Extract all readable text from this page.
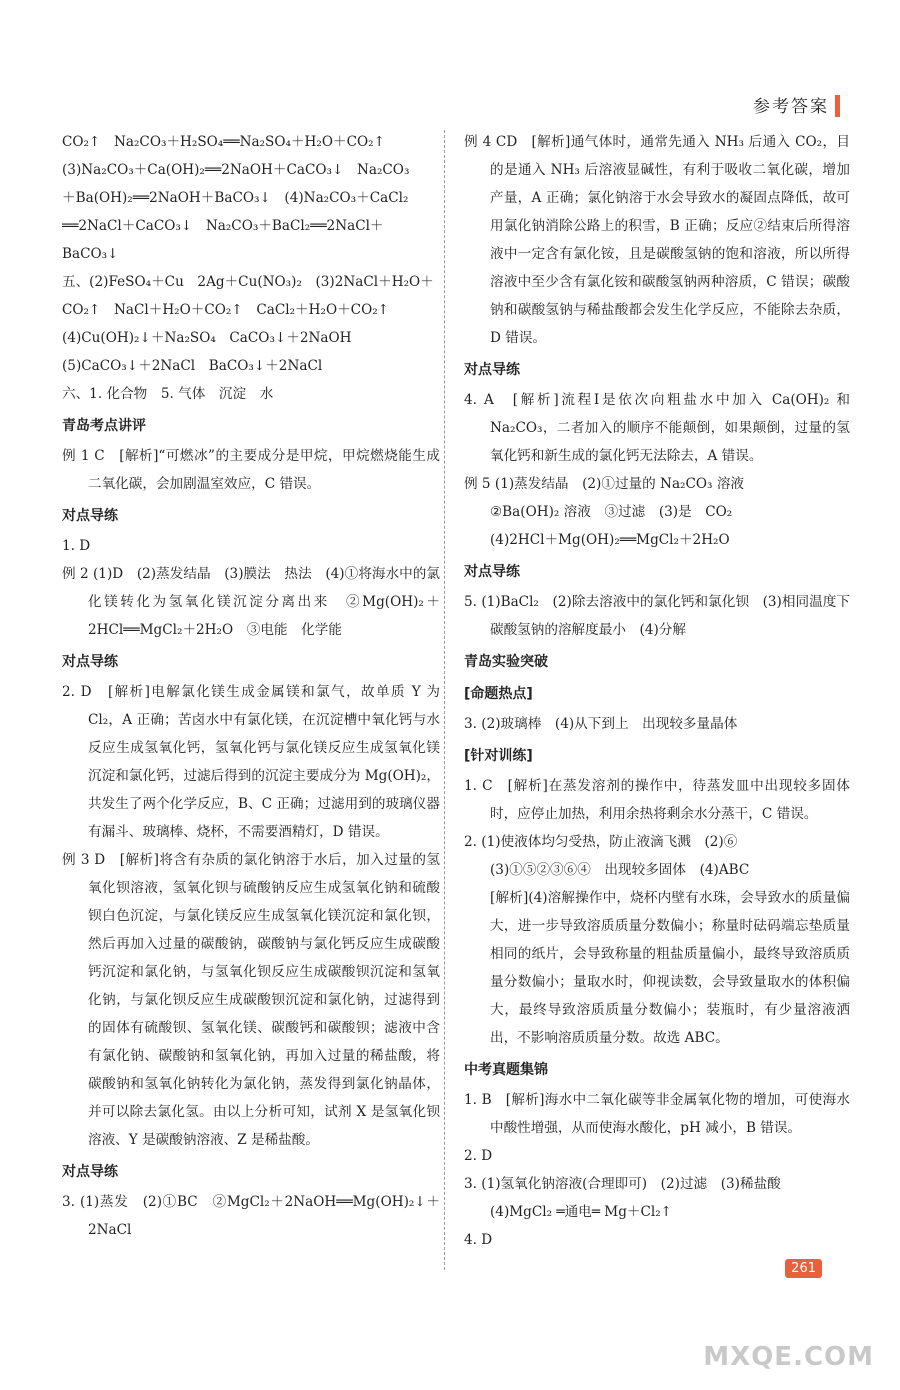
参考答案
CO₂↑　Na₂CO₃＋H₂SO₄══Na₂SO₄＋H₂O＋CO₂↑
(3)Na₂CO₃＋Ca(OH)₂══2NaOH＋CaCO₃↓　Na₂CO₃
＋Ba(OH)₂══2NaOH＋BaCO₃↓　(4)Na₂CO₃＋CaCl₂
══2NaCl＋CaCO₃↓　Na₂CO₃＋BaCl₂══2NaCl＋
BaCO₃↓
五、(2)FeSO₄＋Cu　2Ag＋Cu(NO₃)₂　(3)2NaCl＋H₂O＋
CO₂↑　NaCl＋H₂O＋CO₂↑　CaCl₂＋H₂O＋CO₂↑
(4)Cu(OH)₂↓＋Na₂SO₄　CaCO₃↓＋2NaOH
(5)CaCO₃↓＋2NaCl　BaCO₃↓＋2NaCl
六、1. 化合物　5. 气体　沉淀　水
青岛考点讲评
例 1 C　[解析]“可燃冰”的主要成分是甲烷，甲烷燃烧能生成二氧化碳，会加剧温室效应，C 错误。
对点导练
1. D
例 2 (1)D　(2)蒸发结晶　(3)膜法　热法　(4)①将海水中的氯化镁转化为氢氧化镁沉淀分离出来　②Mg(OH)₂＋2HCl══MgCl₂＋2H₂O　③电能　化学能
对点导练
2. D　[解析]电解氯化镁生成金属镁和氯气，故单质 Y 为 Cl₂，A 正确；苦卤水中有氯化镁，在沉淀槽中氧化钙与水反应生成氢氧化钙，氢氧化钙与氯化镁反应生成氢氧化镁沉淀和氯化钙，过滤后得到的沉淀主要成分为 Mg(OH)₂，共发生了两个化学反应，B、C 正确；过滤用到的玻璃仪器有漏斗、玻璃棒、烧杯，不需要酒精灯，D 错误。
例 3 D　[解析]将含有杂质的氯化钠溶于水后，加入过量的氢氧化钡溶液，氢氧化钡与硫酸钠反应生成氢氧化钠和硫酸钡白色沉淀，与氯化镁反应生成氢氧化镁沉淀和氯化钡，然后再加入过量的碳酸钠，碳酸钠与氯化钙反应生成碳酸钙沉淀和氯化钠，与氢氧化钡反应生成碳酸钡沉淀和氢氧化钠，与氯化钡反应生成碳酸钡沉淀和氯化钠，过滤得到的固体有硫酸钡、氢氧化镁、碳酸钙和碳酸钡；滤液中含有氯化钠、碳酸钠和氢氧化钠，再加入过量的稀盐酸，将碳酸钠和氢氧化钠转化为氯化钠，蒸发得到氯化钠晶体，并可以除去氯化氢。由以上分析可知，试剂 X 是氢氧化钡溶液、Y 是碳酸钠溶液、Z 是稀盐酸。
对点导练
3. (1)蒸发　(2)①BC　②MgCl₂＋2NaOH══Mg(OH)₂↓＋2NaCl
例 4 CD　[解析]通气体时，通常先通入 NH₃ 后通入 CO₂，目的是通入 NH₃ 后溶液显碱性，有利于吸收二氧化碳，增加产量，A 正确；氯化钠溶于水会导致水的凝固点降低，故可用氯化钠消除公路上的积雪，B 正确；反应②结束后所得溶液中一定含有氯化铵，且是碳酸氢钠的饱和溶液，所以所得溶液中至少含有氯化铵和碳酸氢钠两种溶质，C 错误；碳酸钠和碳酸氢钠与稀盐酸都会发生化学反应，不能除去杂质，D 错误。
对点导练
4. A　[解析]流程Ⅰ是依次向粗盐水中加入 Ca(OH)₂ 和 Na₂CO₃，二者加入的顺序不能颠倒，如果颠倒，过量的氢氧化钙和新生成的氯化钙无法除去，A 错误。
例 5 (1)蒸发结晶　(2)①过量的 Na₂CO₃ 溶液
②Ba(OH)₂ 溶液　③过滤　(3)是　CO₂
(4)2HCl＋Mg(OH)₂══MgCl₂＋2H₂O
对点导练
5. (1)BaCl₂　(2)除去溶液中的氯化钙和氯化钡　(3)相同温度下碳酸氢钠的溶解度最小　(4)分解
青岛实验突破
[命题热点]
3. (2)玻璃棒　(4)从下到上　出现较多量晶体
[针对训练]
1. C　[解析]在蒸发溶剂的操作中，待蒸发皿中出现较多固体时，应停止加热，利用余热将剩余水分蒸干，C 错误。
2. (1)使液体均匀受热，防止液滴飞溅　(2)⑥
(3)①⑤②③⑥④　出现较多固体　(4)ABC
[解析](4)溶解操作中，烧杯内壁有水珠，会导致水的质量偏大，进一步导致溶质质量分数偏小；称量时砝码端忘垫质量相同的纸片，会导致称量的粗盐质量偏小，最终导致溶质质量分数偏小；量取水时，仰视读数，会导致量取水的体积偏大，最终导致溶质质量分数偏小；装瓶时，有少量溶液洒出，不影响溶质质量分数。故选 ABC。
中考真题集锦
1. B　[解析]海水中二氧化碳等非金属氧化物的增加，可使海水中酸性增强，从而使海水酸化，pH 减小，B 错误。
2. D
3. (1)氢氧化钠溶液(合理即可)　(2)过滤　(3)稀盐酸
(4)MgCl₂ ═通电═ Mg＋Cl₂↑
4. D
261
MXQE.COM
